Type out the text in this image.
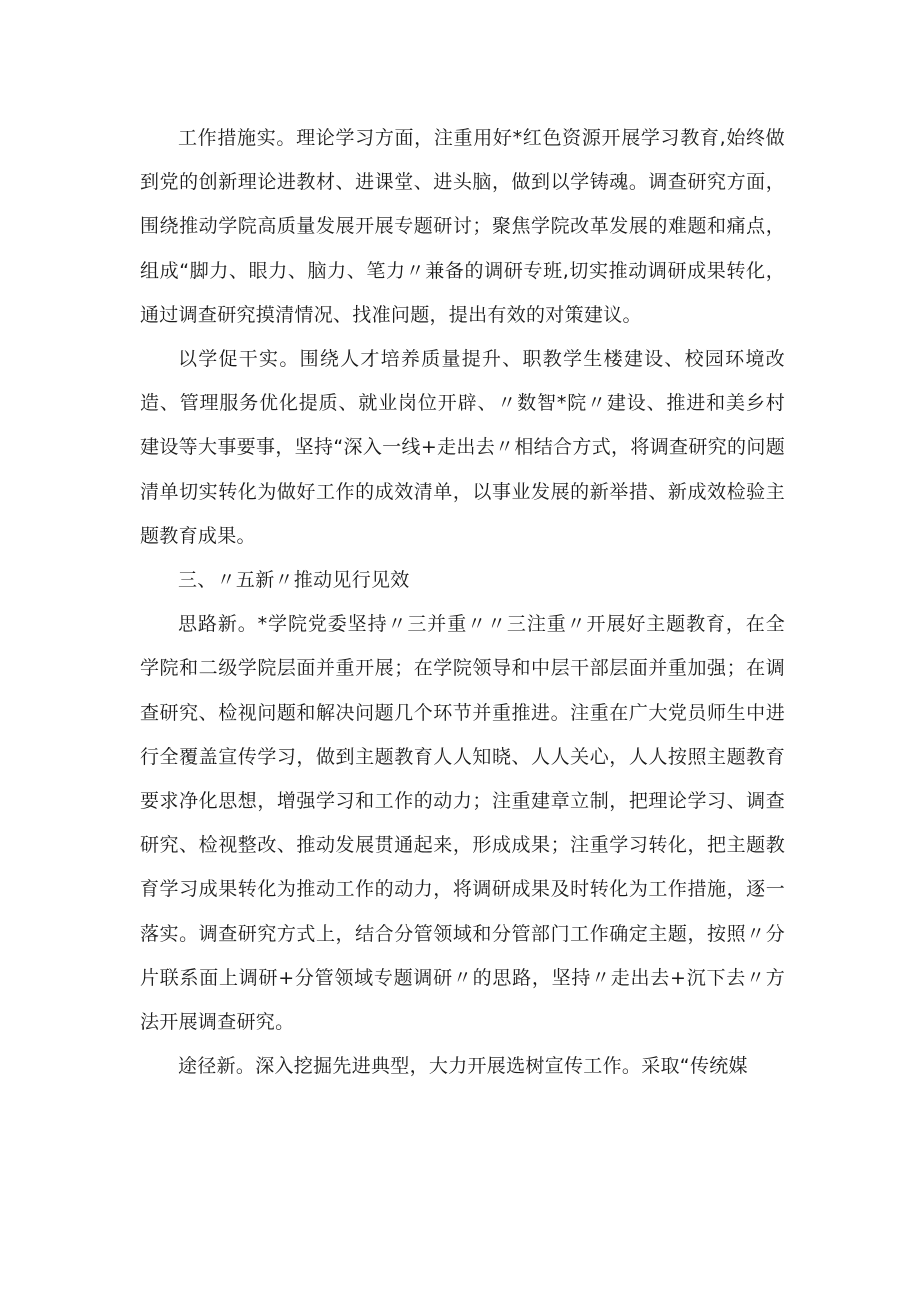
工作措施实。理论学习方面，注重用好*红色资源开展学习教育,始终做到党的创新理论进教材、进课堂、进头脑，做到以学铸魂。调查研究方面，围绕推动学院高质量发展开展专题研讨；聚焦学院改革发展的难题和痛点，组成“脚力、眼力、脑力、笔力〃兼备的调研专班,切实推动调研成果转化，通过调查研究摸清情况、找准问题，提出有效的对策建议。

以学促干实。围绕人才培养质量提升、职教学生楼建设、校园环境改造、管理服务优化提质、就业岗位开辟、〃数智*院〃建设、推进和美乡村建设等大事要事，坚持“深入一线+走出去〃相结合方式，将调查研究的问题清单切实转化为做好工作的成效清单，以事业发展的新举措、新成效检验主题教育成果。

三、〃五新〃推动见行见效

思路新。*学院党委坚持〃三并重〃〃三注重〃开展好主题教育，在全学院和二级学院层面并重开展；在学院领导和中层干部层面并重加强；在调查研究、检视问题和解决问题几个环节并重推进。注重在广大党员师生中进行全覆盖宣传学习，做到主题教育人人知晓、人人关心，人人按照主题教育要求净化思想，增强学习和工作的动力；注重建章立制，把理论学习、调查研究、检视整改、推动发展贯通起来，形成成果；注重学习转化，把主题教育学习成果转化为推动工作的动力，将调研成果及时转化为工作措施，逐一落实。调查研究方式上，结合分管领域和分管部门工作确定主题，按照〃分片联系面上调研+分管领域专题调研〃的思路，坚持〃走出去+沉下去〃方法开展调查研究。

途径新。深入挖掘先进典型，大力开展选树宣传工作。采取“传统媒
